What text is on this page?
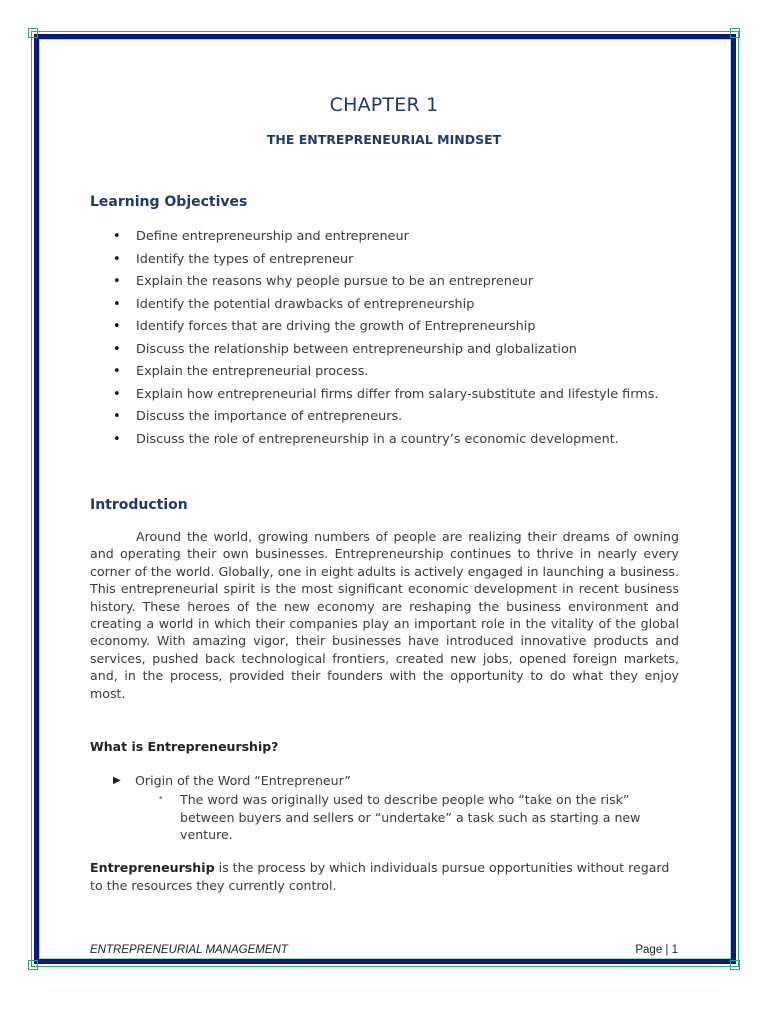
CHAPTER 1
THE ENTREPRENEURIAL MINDSET
Learning Objectives
• Define entrepreneurship and entrepreneur
• Identify the types of entrepreneur
• Explain the reasons why people pursue to be an entrepreneur
• Identify the potential drawbacks of entrepreneurship
• Identify forces that are driving the growth of Entrepreneurship
• Discuss the relationship between entrepreneurship and globalization
• Explain the entrepreneurial process.
• Explain how entrepreneurial firms differ from salary-substitute and lifestyle firms.
• Discuss the importance of entrepreneurs.
• Discuss the role of entrepreneurship in a country’s economic development.
Introduction

Around the world, growing numbers of people are realizing their dreams of owning and operating their own businesses. Entrepreneurship continues to thrive in nearly every corner of the world. Globally, one in eight adults is actively engaged in launching a business. This entrepreneurial spirit is the most significant economic development in recent business history. These heroes of the new economy are reshaping the business environment and creating a world in which their companies play an important role in the vitality of the global economy. With amazing vigor, their businesses have introduced innovative products and services, pushed back technological frontiers, created new jobs, opened foreign markets, and, in the process, provided their founders with the opportunity to do what they enjoy most.

What is Entrepreneurship?
▶ Origin of the Word “Entrepreneur”
• The word was originally used to describe people who “take on the risk” between buyers and sellers or “undertake” a task such as starting a new venture.

Entrepreneurship is the process by which individuals pursue opportunities without regard to the resources they currently control.

ENTREPRENEURIAL MANAGEMENT	Page | 1
